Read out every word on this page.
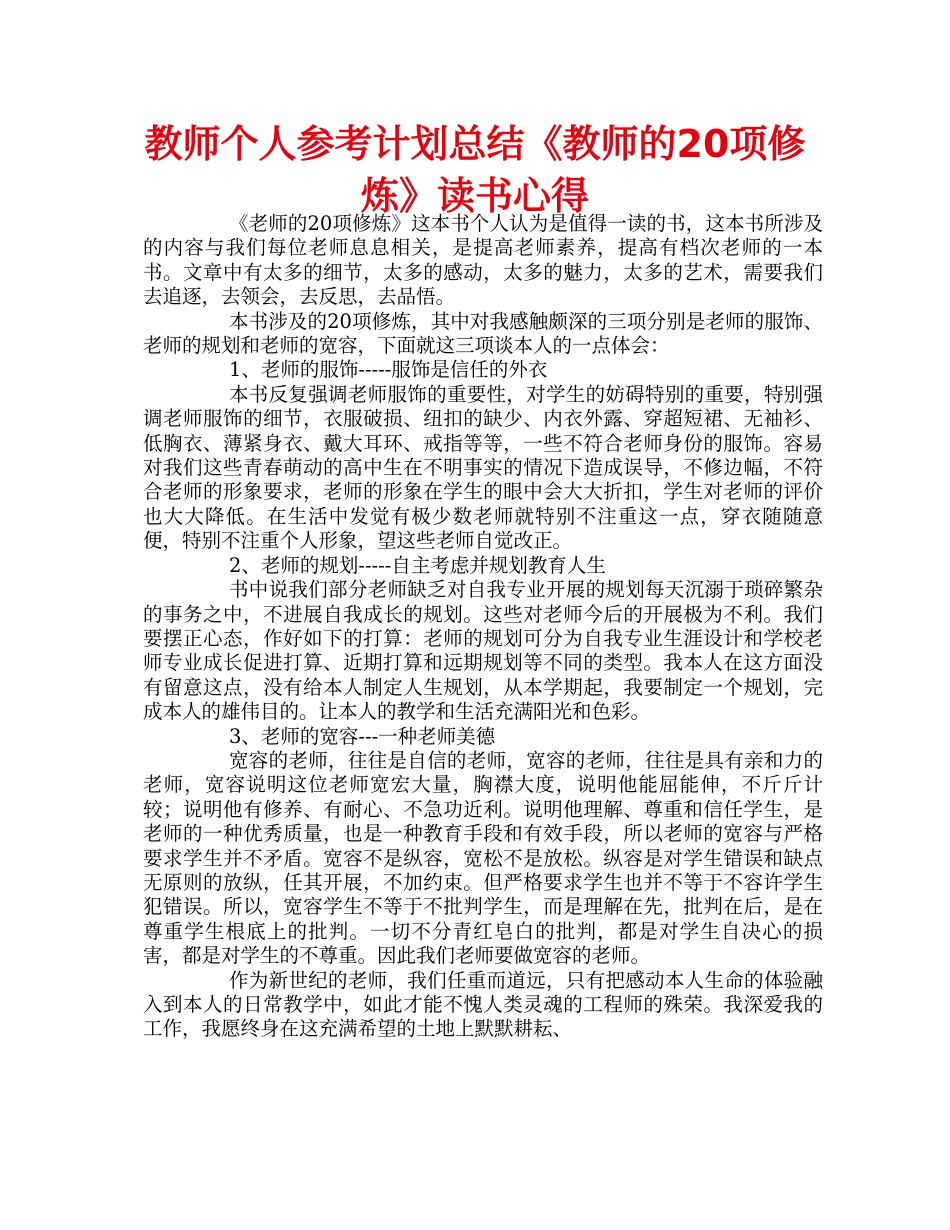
教师个人参考计划总结《教师的20项修炼》读书心得

《老师的20项修炼》这本书个人认为是值得一读的书，这本书所涉及的内容与我们每位老师息息相关，是提高老师素养，提高有档次老师的一本书。文章中有太多的细节，太多的感动，太多的魅力，太多的艺术，需要我们去追逐，去领会，去反思，去品悟。

本书涉及的20项修炼，其中对我感触颇深的三项分别是老师的服饰、老师的规划和老师的宽容，下面就这三项谈本人的一点体会：

1、老师的服饰-----服饰是信任的外衣

本书反复强调老师服饰的重要性，对学生的妨碍特别的重要，特别强调老师服饰的细节，衣服破损、纽扣的缺少、内衣外露、穿超短裙、无袖衫、低胸衣、薄紧身衣、戴大耳环、戒指等等，一些不符合老师身份的服饰。容易对我们这些青春萌动的高中生在不明事实的情况下造成误导，不修边幅，不符合老师的形象要求，老师的形象在学生的眼中会大大折扣，学生对老师的评价也大大降低。在生活中发觉有极少数老师就特别不注重这一点，穿衣随随意便，特别不注重个人形象，望这些老师自觉改正。

2、老师的规划-----自主考虑并规划教育人生

书中说我们部分老师缺乏对自我专业开展的规划每天沉溺于琐碎繁杂的事务之中，不进展自我成长的规划。这些对老师今后的开展极为不利。我们要摆正心态，作好如下的打算：老师的规划可分为自我专业生涯设计和学校老师专业成长促进打算、近期打算和远期规划等不同的类型。我本人在这方面没有留意这点，没有给本人制定人生规划，从本学期起，我要制定一个规划，完成本人的雄伟目的。让本人的教学和生活充满阳光和色彩。

3、老师的宽容---一种老师美德

宽容的老师，往往是自信的老师，宽容的老师，往往是具有亲和力的老师，宽容说明这位老师宽宏大量，胸襟大度，说明他能屈能伸，不斤斤计较；说明他有修养、有耐心、不急功近利。说明他理解、尊重和信任学生，是老师的一种优秀质量，也是一种教育手段和有效手段，所以老师的宽容与严格要求学生并不矛盾。宽容不是纵容，宽松不是放松。纵容是对学生错误和缺点无原则的放纵，任其开展，不加约束。但严格要求学生也并不等于不容许学生犯错误。所以，宽容学生不等于不批判学生，而是理解在先，批判在后，是在尊重学生根底上的批判。一切不分青红皂白的批判，都是对学生自决心的损害，都是对学生的不尊重。因此我们老师要做宽容的老师。

作为新世纪的老师，我们任重而道远，只有把感动本人生命的体验融入到本人的日常教学中，如此才能不愧人类灵魂的工程师的殊荣。我深爱我的工作，我愿终身在这充满希望的土地上默默耕耘、
